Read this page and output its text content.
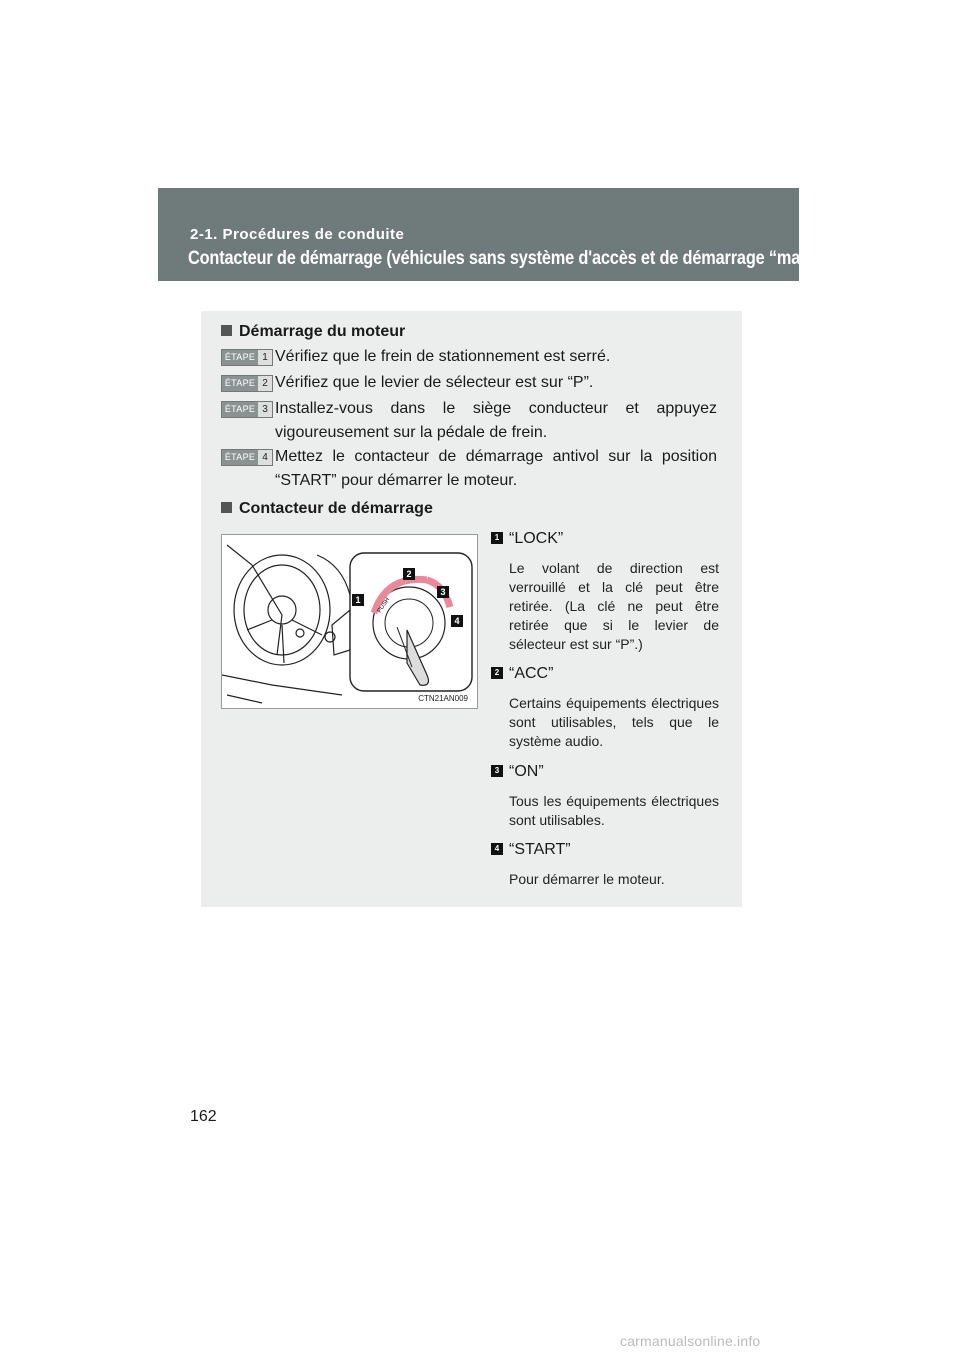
2-1. Procédures de conduite
Contacteur de démarrage (véhicules sans système d'accès et de démarrage “mains libres”)
Démarrage du moteur
ÉTAPE 1 Vérifiez que le frein de stationnement est serré.
ÉTAPE 2 Vérifiez que le levier de sélecteur est sur “P”.
ÉTAPE 3 Installez-vous dans le siège conducteur et appuyez vigoureusement sur la pédale de frein.
ÉTAPE 4 Mettez le contacteur de démarrage antivol sur la position “START” pour démarrer le moteur.
Contacteur de démarrage
PUSH
1
2
3
4
CTN21AN009
1 “LOCK”
Le volant de direction est verrouillé et la clé peut être retirée. (La clé ne peut être retirée que si le levier de sélecteur est sur “P”.)
2 “ACC”
Certains équipements électriques sont utilisables, tels que le système audio.
3 “ON”
Tous les équipements électriques sont utilisables.
4 “START”
Pour démarrer le moteur.
162
carmanualsonline.info
